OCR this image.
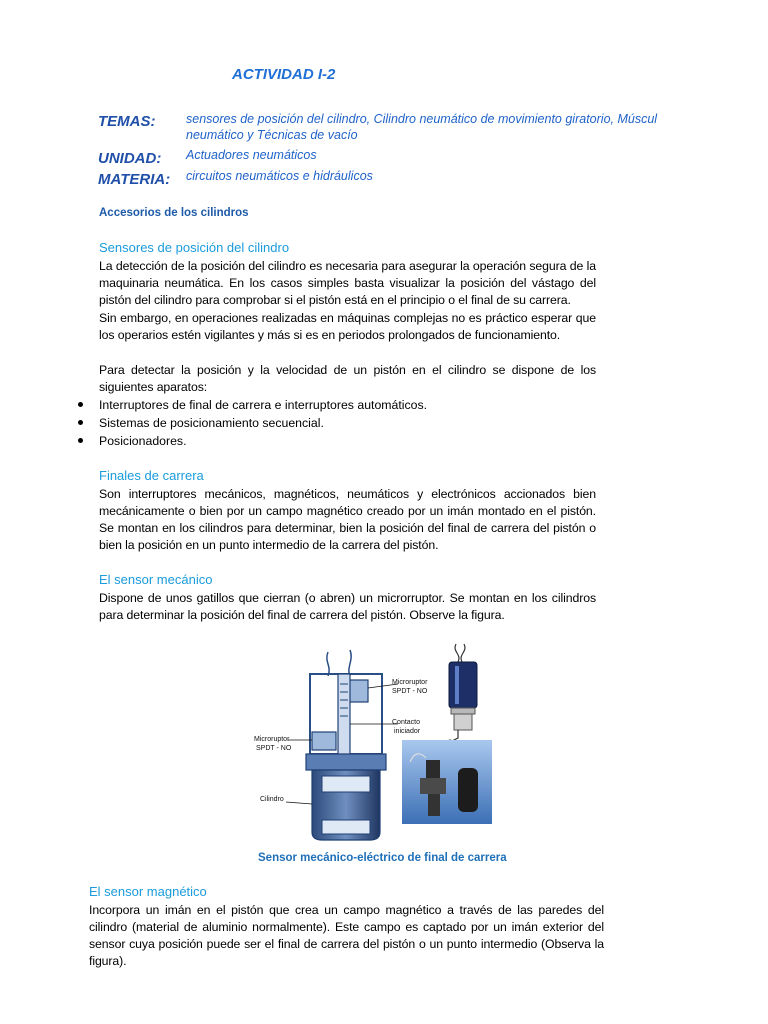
ACTIVIDAD I-2
TEMAS: sensores de posición del cilindro, Cilindro neumático de movimiento giratorio, Múscul neumático y Técnicas de vacío
UNIDAD: Actuadores neumáticos
MATERIA: circuitos neumáticos e hidráulicos
Accesorios de los cilindros
Sensores de posición del cilindro
La detección de la posición del cilindro es necesaria para asegurar la operación segura de la maquinaria neumática. En los casos simples basta visualizar la posición del vástago del pistón del cilindro para comprobar si el pistón está en el principio o el final de su carrera.
Sin embargo, en operaciones realizadas en máquinas complejas no es práctico esperar que los operarios estén vigilantes y más si es en periodos prolongados de funcionamiento.
Para detectar la posición y la velocidad de un pistón en el cilindro se dispone de los siguientes aparatos:
Interruptores de final de carrera e interruptores automáticos.
Sistemas de posicionamiento secuencial.
Posicionadores.
Finales de carrera
Son interruptores mecánicos, magnéticos, neumáticos y electrónicos accionados bien mecánicamente o bien por un campo magnético creado por un imán montado en el pistón. Se montan en los cilindros para determinar, bien la posición del final de carrera del pistón o bien la posición en un punto intermedio de la carrera del pistón.
El sensor mecánico
Dispone de unos gatillos que cierran (o abren) un microrruptor. Se montan en los cilindros para determinar la posición del final de carrera del pistón. Observe la figura.
Microruptor
SPDT - NO
Contacto
iniciador
Microruptor
SPDT - NO
Cilindro
Sensor mecánico-eléctrico de final de carrera
El sensor magnético
Incorpora un imán en el pistón que crea un campo magnético a través de las paredes del cilindro (material de aluminio normalmente). Este campo es captado por un imán exterior del sensor cuya posición puede ser el final de carrera del pistón o un punto intermedio (Observa la figura).
